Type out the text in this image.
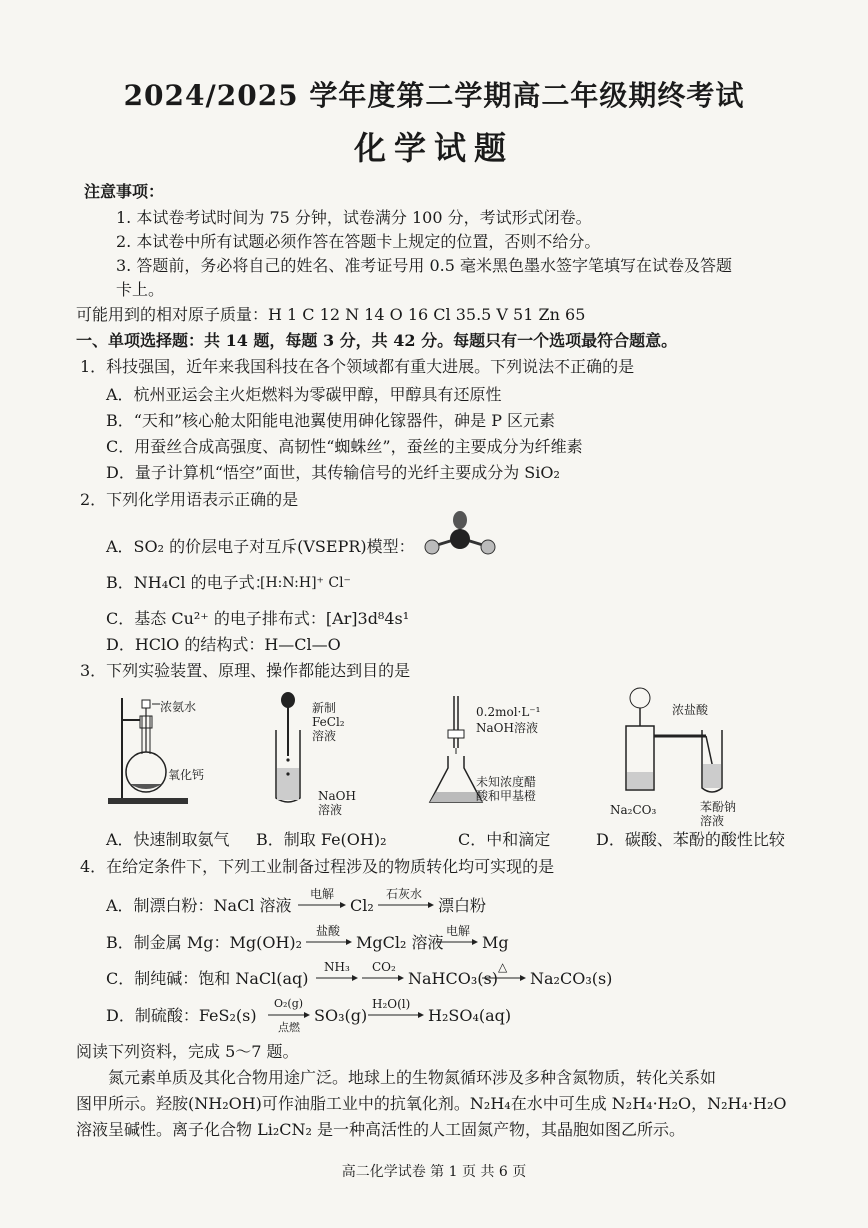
2024/2025 学年度第二学期高二年级期终考试
化学试题
注意事项：
1. 本试卷考试时间为 75 分钟，试卷满分 100 分，考试形式闭卷。
2. 本试卷中所有试题必须作答在答题卡上规定的位置，否则不给分。
3. 答题前，务必将自己的姓名、准考证号用 0.5 毫米黑色墨水签字笔填写在试卷及答题
卡上。
可能用到的相对原子质量：H 1 C 12 N 14 O 16 Cl 35.5 V 51 Zn 65
一、单项选择题：共 14 题，每题 3 分，共 42 分。每题只有一个选项最符合题意。
1．科技强国，近年来我国科技在各个领域都有重大进展。下列说法不正确的是
A．杭州亚运会主火炬燃料为零碳甲醇，甲醇具有还原性
B．“天和”核心舱太阳能电池翼使用砷化镓器件，砷是 P 区元素
C．用蚕丝合成高强度、高韧性“蜘蛛丝”，蚕丝的主要成分为纤维素
D．量子计算机“悟空”面世，其传输信号的光纤主要成分为 SiO₂
2．下列化学用语表示正确的是
A．SO₂ 的价层电子对互斥(VSEPR)模型：
B．NH₄Cl 的电子式：
[H:N:H]⁺ Cl⁻
C．基态 Cu²⁺ 的电子排布式：[Ar]3d⁸4s¹
D．HClO 的结构式：H—Cl—O
3．下列实验装置、原理、操作都能达到目的是
浓氨水
氧化钙
新制
FeCl₂
溶液
NaOH
溶液
0.2mol·L⁻¹
NaOH溶液
未知浓度醋
酸和甲基橙
浓盐酸
Na₂CO₃	苯酚钠
溶液
A．快速制取氨气 B．制取 Fe(OH)₂	C．中和滴定	D．碳酸、苯酚的酸性比较
4．在给定条件下，下列工业制备过程涉及的物质转化均可实现的是
A．制漂白粉：NaCl 溶液
电解
Cl₂
石灰水
漂白粉
B．制金属 Mg：Mg(OH)₂
盐酸
MgCl₂ 溶液
电解
Mg
C．制纯碱：饱和 NaCl(aq)
NH₃ CO₂
NaHCO₃(s)
△
Na₂CO₃(s)
D．制硫酸：FeS₂(s)
O₂(g)
点燃
SO₃(g)
H₂O(l)
H₂SO₄(aq)
阅读下列资料，完成 5～7 题。
氮元素单质及其化合物用途广泛。地球上的生物氮循环涉及多种含氮物质，转化关系如
图甲所示。羟胺(NH₂OH)可作油脂工业中的抗氧化剂。N₂H₄在水中可生成 N₂H₄·H₂O，N₂H₄·H₂O
溶液呈碱性。离子化合物 Li₂CN₂ 是一种高活性的人工固氮产物，其晶胞如图乙所示。
高二化学试卷 第 1 页 共 6 页
